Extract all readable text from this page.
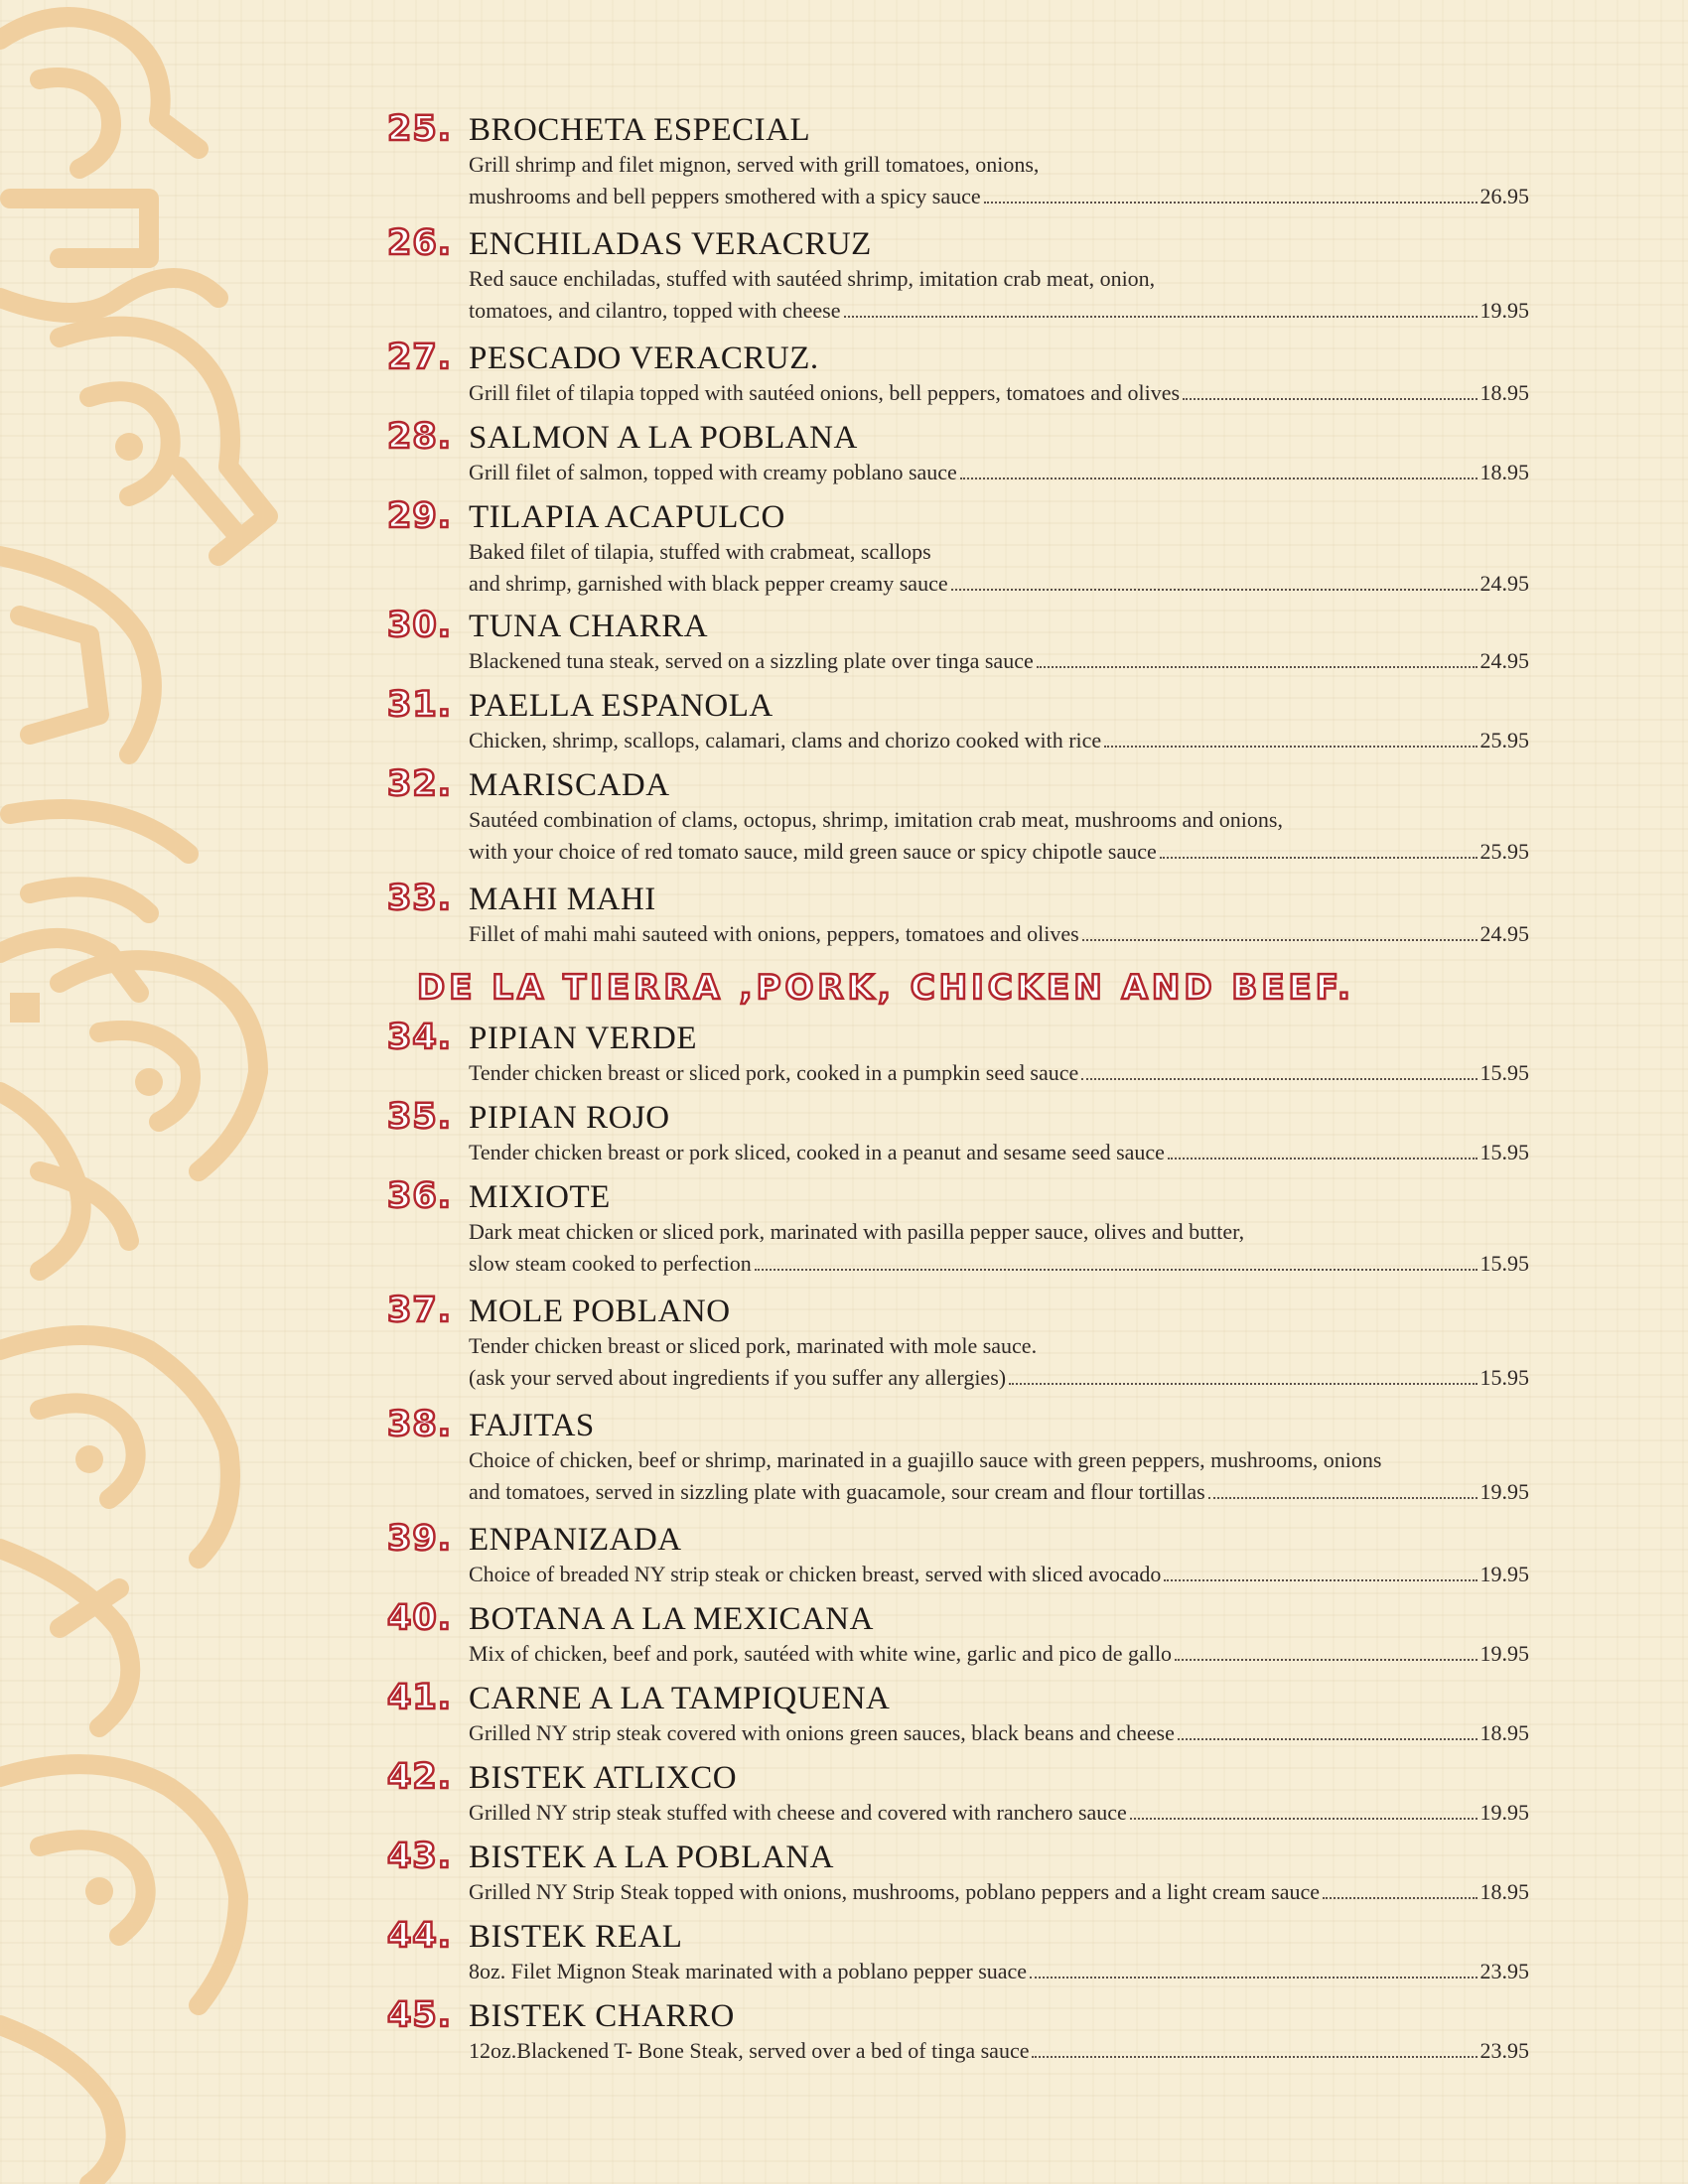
DE LA TIERRA ,PORK, CHICKEN AND BEEF.
25. BROCHETA ESPECIAL
Grill shrimp and filet mignon, served with grill tomatoes, onions,
mushrooms and bell peppers smothered with a spicy sauce	26.95
26. ENCHILADAS VERACRUZ
Red sauce enchiladas, stuffed with sautéed shrimp, imitation crab meat, onion,
tomatoes, and cilantro, topped with cheese	19.95
27. PESCADO VERACRUZ.
Grill filet of tilapia topped with sautéed onions, bell peppers, tomatoes and olives	18.95
28. SALMON A LA POBLANA
Grill filet of salmon, topped with creamy poblano sauce	18.95
29. TILAPIA ACAPULCO
Baked filet of tilapia, stuffed with crabmeat, scallops
and shrimp, garnished with black pepper creamy sauce	24.95
30. TUNA CHARRA
Blackened tuna steak, served on a sizzling plate over tinga sauce	24.95
31. PAELLA ESPANOLA
Chicken, shrimp, scallops, calamari, clams and chorizo cooked with rice	25.95
32. MARISCADA
Sautéed combination of clams, octopus, shrimp, imitation crab meat, mushrooms and onions,
with your choice of red tomato sauce, mild green sauce or spicy chipotle sauce	25.95
33. MAHI MAHI
Fillet of mahi mahi sauteed with onions, peppers, tomatoes and olives	24.95
34. PIPIAN VERDE
Tender chicken breast or sliced pork, cooked in a pumpkin seed sauce	15.95
35. PIPIAN ROJO
Tender chicken breast or pork sliced, cooked in a peanut and sesame seed sauce	15.95
36. MIXIOTE
Dark meat chicken or sliced pork, marinated with pasilla pepper sauce, olives and butter,
slow steam cooked to perfection	15.95
37. MOLE POBLANO
Tender chicken breast or sliced pork, marinated with mole sauce.
(ask your served about ingredients if you suffer any allergies)	15.95
38. FAJITAS
Choice of chicken, beef or shrimp, marinated in a guajillo sauce with green peppers, mushrooms, onions
and tomatoes, served in sizzling plate with guacamole, sour cream and flour tortillas	19.95
39. ENPANIZADA
Choice of breaded NY strip steak or chicken breast, served with sliced avocado	19.95
40. BOTANA A LA MEXICANA
Mix of chicken, beef and pork, sautéed with white wine, garlic and pico de gallo	19.95
41. CARNE A LA TAMPIQUENA
Grilled NY strip steak covered with onions green sauces, black beans and cheese	18.95
42. BISTEK ATLIXCO
Grilled NY strip steak stuffed with cheese and covered with ranchero sauce	19.95
43. BISTEK A LA POBLANA
Grilled NY Strip Steak topped with onions, mushrooms, poblano peppers and a light cream sauce	18.95
44. BISTEK REAL
8oz. Filet Mignon Steak marinated with a poblano pepper suace	23.95
45. BISTEK CHARRO
12oz.Blackened T- Bone Steak, served over a bed of tinga sauce	23.95
